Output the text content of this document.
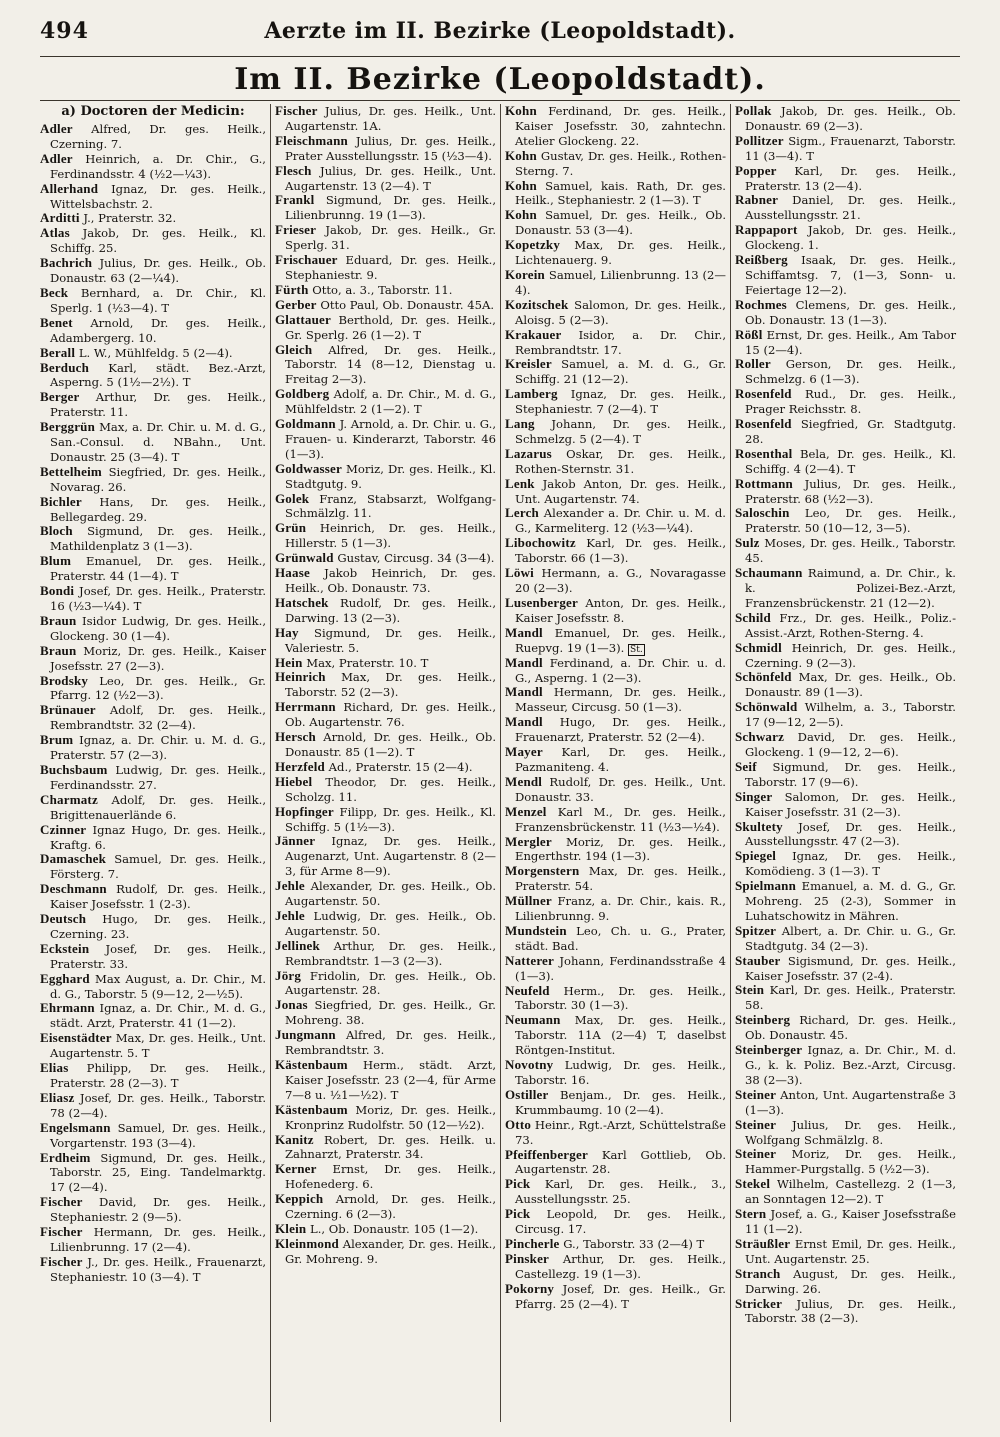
494	Aerzte im II. Bezirke (Leopoldstadt).
Im II. Bezirke (Leopoldstadt).
a) Doctoren der Medicin:

Adler Alfred, Dr. ges. Heilk., Czerning. 7.

Adler Heinrich, a. Dr. Chir., G., Ferdinandsstr. 4 (½2—¼3).

Allerhand Ignaz, Dr. ges. Heilk., Wittelsbachstr. 2.

Arditti J., Praterstr. 32.

Atlas Jakob, Dr. ges. Heilk., Kl. Schiffg. 25.

Bachrich Julius, Dr. ges. Heilk., Ob. Donaustr. 63 (2—¼4).

Beck Bernhard, a. Dr. Chir., Kl. Sperlg. 1 (½3—4). T

Benet Arnold, Dr. ges. Heilk., Adambergerg. 10.

Berall L. W., Mühlfeldg. 5 (2—4).

Berduch Karl, städt. Bez.-Arzt, Asperng. 5 (1½—2½). T

Berger Arthur, Dr. ges. Heilk., Praterstr. 11.

Berggrün Max, a. Dr. Chir. u. M. d. G., San.-Consul. d. NBahn., Unt. Donaustr. 25 (3—4). T

Bettelheim Siegfried, Dr. ges. Heilk., Novarag. 26.

Bichler Hans, Dr. ges. Heilk., Bellegardeg. 29.

Bloch Sigmund, Dr. ges. Heilk., Mathildenplatz 3 (1—3).

Blum Emanuel, Dr. ges. Heilk., Praterstr. 44 (1—4). T

Bondi Josef, Dr. ges. Heilk., Praterstr. 16 (½3—¼4). T

Braun Isidor Ludwig, Dr. ges. Heilk., Glockeng. 30 (1—4).

Braun Moriz, Dr. ges. Heilk., Kaiser Josefsstr. 27 (2—3).

Brodsky Leo, Dr. ges. Heilk., Gr. Pfarrg. 12 (½2—3).

Brünauer Adolf, Dr. ges. Heilk., Rembrandtstr. 32 (2—4).

Brum Ignaz, a. Dr. Chir. u. M. d. G., Praterstr. 57 (2—3).

Buchsbaum Ludwig, Dr. ges. Heilk., Ferdinandsstr. 27.

Charmatz Adolf, Dr. ges. Heilk., Brigittenauerlände 6.

Czinner Ignaz Hugo, Dr. ges. Heilk., Kraftg. 6.

Damaschek Samuel, Dr. ges. Heilk., Försterg. 7.

Deschmann Rudolf, Dr. ges. Heilk., Kaiser Josefsstr. 1 (2-3).

Deutsch Hugo, Dr. ges. Heilk., Czerning. 23.

Eckstein Josef, Dr. ges. Heilk., Praterstr. 33.

Egghard Max August, a. Dr. Chir., M. d. G., Taborstr. 5 (9—12, 2—½5).

Ehrmann Ignaz, a. Dr. Chir., M. d. G., städt. Arzt, Praterstr. 41 (1—2).

Eisenstädter Max, Dr. ges. Heilk., Unt. Augartenstr. 5. T

Elias Philipp, Dr. ges. Heilk., Praterstr. 28 (2—3). T

Eliasz Josef, Dr. ges. Heilk., Taborstr. 78 (2—4).

Engelsmann Samuel, Dr. ges. Heilk., Vorgartenstr. 193 (3—4).

Erdheim Sigmund, Dr. ges. Heilk., Taborstr. 25, Eing. Tandelmarktg. 17 (2—4).

Fischer David, Dr. ges. Heilk., Stephaniestr. 2 (9—5).

Fischer Hermann, Dr. ges. Heilk., Lilienbrunng. 17 (2—4).

Fischer J., Dr. ges. Heilk., Frauenarzt, Stephaniestr. 10 (3—4). T

Fischer Julius, Dr. ges. Heilk., Unt. Augartenstr. 1A.

Fleischmann Julius, Dr. ges. Heilk., Prater Ausstellungsstr. 15 (½3—4).

Flesch Julius, Dr. ges. Heilk., Unt. Augartenstr. 13 (2—4). T

Frankl Sigmund, Dr. ges. Heilk., Lilienbrunng. 19 (1—3).

Frieser Jakob, Dr. ges. Heilk., Gr. Sperlg. 31.

Frischauer Eduard, Dr. ges. Heilk., Stephaniestr. 9.

Fürth Otto, a. 3., Taborstr. 11.

Gerber Otto Paul, Ob. Donaustr. 45A.

Glattauer Berthold, Dr. ges. Heilk., Gr. Sperlg. 26 (1—2). T

Gleich Alfred, Dr. ges. Heilk., Taborstr. 14 (8—12, Dienstag u. Freitag 2—3).

Goldberg Adolf, a. Dr. Chir., M. d. G., Mühlfeldstr. 2 (1—2). T

Goldmann J. Arnold, a. Dr. Chir. u. G., Frauen- u. Kinderarzt, Taborstr. 46 (1—3).

Goldwasser Moriz, Dr. ges. Heilk., Kl. Stadtgutg. 9.

Golek Franz, Stabsarzt, Wolfgang-Schmälzlg. 11.

Grün Heinrich, Dr. ges. Heilk., Hillerstr. 5 (1—3).

Grünwald Gustav, Circusg. 34 (3—4).

Haase Jakob Heinrich, Dr. ges. Heilk., Ob. Donaustr. 73.

Hatschek Rudolf, Dr. ges. Heilk., Darwing. 13 (2—3).

Hay Sigmund, Dr. ges. Heilk., Valeriestr. 5.

Hein Max, Praterstr. 10. T

Heinrich Max, Dr. ges. Heilk., Taborstr. 52 (2—3).

Herrmann Richard, Dr. ges. Heilk., Ob. Augartenstr. 76.

Hersch Arnold, Dr. ges. Heilk., Ob. Donaustr. 85 (1—2). T

Herzfeld Ad., Praterstr. 15 (2—4).

Hiebel Theodor, Dr. ges. Heilk., Scholzg. 11.

Hopfinger Filipp, Dr. ges. Heilk., Kl. Schiffg. 5 (1½—3).

Jänner Ignaz, Dr. ges. Heilk., Augenarzt, Unt. Augartenstr. 8 (2—3, für Arme 8—9).

Jehle Alexander, Dr. ges. Heilk., Ob. Augartenstr. 50.

Jehle Ludwig, Dr. ges. Heilk., Ob. Augartenstr. 50.

Jellinek Arthur, Dr. ges. Heilk., Rembrandtstr. 1—3 (2—3).

Jörg Fridolin, Dr. ges. Heilk., Ob. Augartenstr. 28.

Jonas Siegfried, Dr. ges. Heilk., Gr. Mohreng. 38.

Jungmann Alfred, Dr. ges. Heilk., Rembrandtstr. 3.

Kästenbaum Herm., städt. Arzt, Kaiser Josefsstr. 23 (2—4, für Arme 7—8 u. ½1—½2). T

Kästenbaum Moriz, Dr. ges. Heilk., Kronprinz Rudolfstr. 50 (12—½2).

Kanitz Robert, Dr. ges. Heilk. u. Zahnarzt, Praterstr. 34.

Kerner Ernst, Dr. ges. Heilk., Hofenederg. 6.

Keppich Arnold, Dr. ges. Heilk., Czerning. 6 (2—3).

Klein L., Ob. Donaustr. 105 (1—2).

Kleinmond Alexander, Dr. ges. Heilk., Gr. Mohreng. 9.

Kohn Ferdinand, Dr. ges. Heilk., Kaiser Josefsstr. 30, zahntechn. Atelier Glockeng. 22.

Kohn Gustav, Dr. ges. Heilk., Rothen-Sterng. 7.

Kohn Samuel, kais. Rath, Dr. ges. Heilk., Stephaniestr. 2 (1—3). T

Kohn Samuel, Dr. ges. Heilk., Ob. Donaustr. 53 (3—4).

Kopetzky Max, Dr. ges. Heilk., Lichtenauerg. 9.

Korein Samuel, Lilienbrunng. 13 (2—4).

Kozitschek Salomon, Dr. ges. Heilk., Aloisg. 5 (2—3).

Krakauer Isidor, a. Dr. Chir., Rembrandtstr. 17.

Kreisler Samuel, a. M. d. G., Gr. Schiffg. 21 (12—2).

Lamberg Ignaz, Dr. ges. Heilk., Stephaniestr. 7 (2—4). T

Lang Johann, Dr. ges. Heilk., Schmelzg. 5 (2—4). T

Lazarus Oskar, Dr. ges. Heilk., Rothen-Sternstr. 31.

Lenk Jakob Anton, Dr. ges. Heilk., Unt. Augartenstr. 74.

Lerch Alexander a. Dr. Chir. u. M. d. G., Karmeliterg. 12 (½3—¼4).

Libochowitz Karl, Dr. ges. Heilk., Taborstr. 66 (1—3).

Löwi Hermann, a. G., Novaragasse 20 (2—3).

Lusenberger Anton, Dr. ges. Heilk., Kaiser Josefsstr. 8.

Mandl Emanuel, Dr. ges. Heilk., Ruepvg. 19 (1—3). St.

Mandl Ferdinand, a. Dr. Chir. u. d. G., Asperng. 1 (2—3).

Mandl Hermann, Dr. ges. Heilk., Masseur, Circusg. 50 (1—3).

Mandl Hugo, Dr. ges. Heilk., Frauenarzt, Praterstr. 52 (2—4).

Mayer Karl, Dr. ges. Heilk., Pazmaniteng. 4.

Mendl Rudolf, Dr. ges. Heilk., Unt. Donaustr. 33.

Menzel Karl M., Dr. ges. Heilk., Franzensbrückenstr. 11 (½3—½4).

Mergler Moriz, Dr. ges. Heilk., Engerthstr. 194 (1—3).

Morgenstern Max, Dr. ges. Heilk., Praterstr. 54.

Müllner Franz, a. Dr. Chir., kais. R., Lilienbrunng. 9.

Mundstein Leo, Ch. u. G., Prater, städt. Bad.

Natterer Johann, Ferdinandsstraße 4 (1—3).

Neufeld Herm., Dr. ges. Heilk., Taborstr. 30 (1—3).

Neumann Max, Dr. ges. Heilk., Taborstr. 11A (2—4) T, daselbst Röntgen-Institut.

Novotny Ludwig, Dr. ges. Heilk., Taborstr. 16.

Ostiller Benjam., Dr. ges. Heilk., Krummbaumg. 10 (2—4).

Otto Heinr., Rgt.-Arzt, Schüttelstraße 73.

Pfeiffenberger Karl Gottlieb, Ob. Augartenstr. 28.

Pick Karl, Dr. ges. Heilk., 3., Ausstellungsstr. 25.

Pick Leopold, Dr. ges. Heilk., Circusg. 17.

Pincherle G., Taborstr. 33 (2—4) T

Pinsker Arthur, Dr. ges. Heilk., Castellezg. 19 (1—3).

Pokorny Josef, Dr. ges. Heilk., Gr. Pfarrg. 25 (2—4). T

Pollak Jakob, Dr. ges. Heilk., Ob. Donaustr. 69 (2—3).

Pollitzer Sigm., Frauenarzt, Taborstr. 11 (3—4). T

Popper Karl, Dr. ges. Heilk., Praterstr. 13 (2—4).

Rabner Daniel, Dr. ges. Heilk., Ausstellungsstr. 21.

Rappaport Jakob, Dr. ges. Heilk., Glockeng. 1.

Reißberg Isaak, Dr. ges. Heilk., Schiffamtsg. 7, (1—3, Sonn- u. Feiertage 12—2).

Rochmes Clemens, Dr. ges. Heilk., Ob. Donaustr. 13 (1—3).

Rößl Ernst, Dr. ges. Heilk., Am Tabor 15 (2—4).

Roller Gerson, Dr. ges. Heilk., Schmelzg. 6 (1—3).

Rosenfeld Rud., Dr. ges. Heilk., Prager Reichsstr. 8.

Rosenfeld Siegfried, Gr. Stadtgutg. 28.

Rosenthal Bela, Dr. ges. Heilk., Kl. Schiffg. 4 (2—4). T

Rottmann Julius, Dr. ges. Heilk., Praterstr. 68 (½2—3).

Saloschin Leo, Dr. ges. Heilk., Praterstr. 50 (10—12, 3—5).

Sulz Moses, Dr. ges. Heilk., Taborstr. 45.

Schaumann Raimund, a. Dr. Chir., k. k. Polizei-Bez.-Arzt, Franzensbrückenstr. 21 (12—2).

Schild Frz., Dr. ges. Heilk., Poliz.-Assist.-Arzt, Rothen-Sterng. 4.

Schmidl Heinrich, Dr. ges. Heilk., Czerning. 9 (2—3).

Schönfeld Max, Dr. ges. Heilk., Ob. Donaustr. 89 (1—3).

Schönwald Wilhelm, a. 3., Taborstr. 17 (9—12, 2—5).

Schwarz David, Dr. ges. Heilk., Glockeng. 1 (9—12, 2—6).

Seif Sigmund, Dr. ges. Heilk., Taborstr. 17 (9—6).

Singer Salomon, Dr. ges. Heilk., Kaiser Josefsstr. 31 (2—3).

Skultety Josef, Dr. ges. Heilk., Ausstellungsstr. 47 (2—3).

Spiegel Ignaz, Dr. ges. Heilk., Komödieng. 3 (1—3). T

Spielmann Emanuel, a. M. d. G., Gr. Mohreng. 25 (2-3), Sommer in Luhatschowitz in Mähren.

Spitzer Albert, a. Dr. Chir. u. G., Gr. Stadtgutg. 34 (2—3).

Stauber Sigismund, Dr. ges. Heilk., Kaiser Josefsstr. 37 (2-4).

Stein Karl, Dr. ges. Heilk., Praterstr. 58.

Steinberg Richard, Dr. ges. Heilk., Ob. Donaustr. 45.

Steinberger Ignaz, a. Dr. Chir., M. d. G., k. k. Poliz. Bez.-Arzt, Circusg. 38 (2—3).

Steiner Anton, Unt. Augartenstraße 3 (1—3).

Steiner Julius, Dr. ges. Heilk., Wolfgang Schmälzlg. 8.

Steiner Moriz, Dr. ges. Heilk., Hammer-Purgstallg. 5 (½2—3).

Stekel Wilhelm, Castellezg. 2 (1—3, an Sonntagen 12—2). T

Stern Josef, a. G., Kaiser Josefsstraße 11 (1—2).

Sträußler Ernst Emil, Dr. ges. Heilk., Unt. Augartenstr. 25.

Stranch August, Dr. ges. Heilk., Darwing. 26.

Stricker Julius, Dr. ges. Heilk., Taborstr. 38 (2—3).
